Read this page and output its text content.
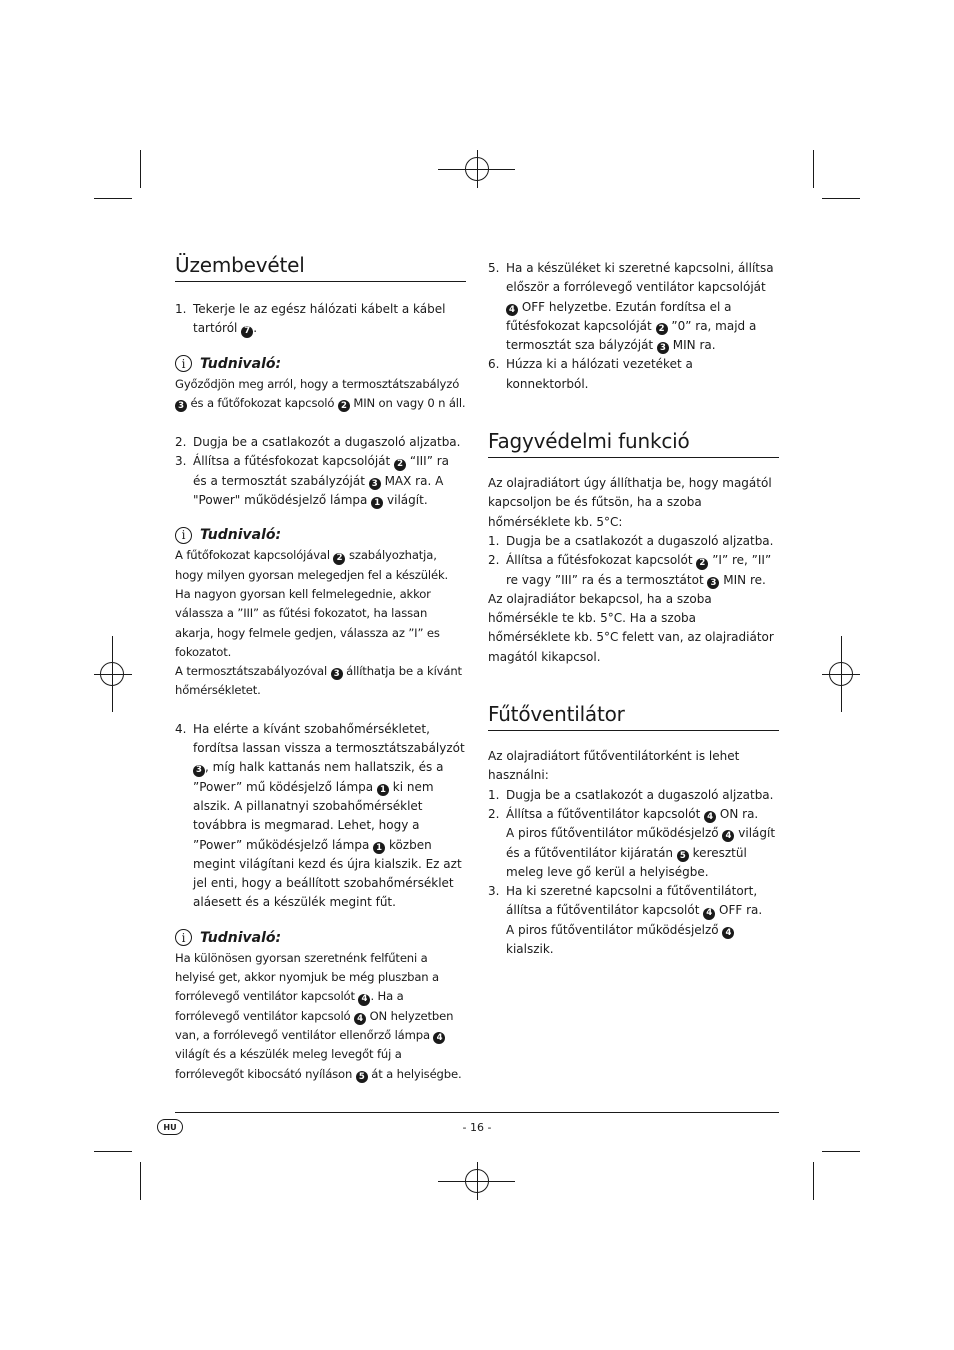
Üzembevétel
1. Tekerje le az egész hálózati kábelt a kábel tartóról 7 .
i	Tudnivaló:

Győződjön meg arról, hogy a termosztátszabályzó 3 és a fűtőfokozat kapcsoló 2 MIN on vagy 0 n áll.

2. Dugja be a csatlakozót a dugaszoló aljzatba.
3. Állítsa a fűtésfokozat kapcsolóját 2 “III” ra és a termosztát szabályzóját 3 MAX ra. A "Power" működésjelző lámpa 1 világít.
i	Tudnivaló:

A fűtőfokozat kapcsolójával 2 szabályozhatja, hogy milyen gyorsan melegedjen fel a készülék. Ha nagyon gyorsan kell felmelegednie, akkor válassza a ”III” as fűtési fokozatot, ha lassan akarja, hogy felmele gedjen, válassza az ”I” es fokozatot.
A termosztátszabályozóval 3 állíthatja be a kívánt hőmérsékletet.

4. Ha elérte a kívánt szobahőmérsékletet, fordítsa lassan vissza a termosztátszabályzót 3 , míg halk kattanás nem hallatszik, és a ”Power” mű ködésjelző lámpa 1 ki nem alszik. A pillanatnyi szobahőmérséklet továbbra is megmarad. Lehet, hogy a ”Power” működésjelző lámpa 1 közben megint világítani kezd és újra kialszik. Ez azt jel enti, hogy a beállított szobahőmérséklet aláesett és a készülék megint fűt.
i	Tudnivaló:

Ha különösen gyorsan szeretnénk felfűteni a helyisé get, akkor nyomjuk be még pluszban a forrólevegő ventilátor kapcsolót 4 . Ha a forrólevegő ventilátor kapcsoló 4 ON helyzetben van, a forrólevegő ventilátor ellenőrző lámpa 4 világít és a készülék meleg levegőt fúj a forrólevegőt kibocsátó nyíláson 5 át a helyiségbe.

5. Ha a készüléket ki szeretné kapcsolni, állítsa először a forrólevegő ventilátor kapcsolóját 4 OFF helyzetbe. Ezután fordítsa el a fűtésfokozat kapcsolóját 2 ”0” ra, majd a termosztát sza bályzóját 3 MIN ra.
6. Húzza ki a hálózati vezetéket a konnektorból.
Fagyvédelmi funkció

Az olajradiátort úgy állíthatja be, hogy magától kapcsoljon be és fűtsön, ha a szoba hőmérséklete kb. 5°C:

1. Dugja be a csatlakozót a dugaszoló aljzatba.
2. Állítsa a fűtésfokozat kapcsolót 2 ”I” re, ”II” re vagy ”III” ra és a termosztátot 3 MIN re.

Az olajradiátor bekapcsol, ha a szoba hőmérsékle te kb. 5°C. Ha a szoba hőmérséklete kb. 5°C felett van, az olajradiátor magától kikapcsol.

Fűtőventilátor

Az olajradiátort fűtőventilátorként is lehet használni:

1. Dugja be a csatlakozót a dugaszoló aljzatba.
2. Állítsa a fűtőventilátor kapcsolót 4 ON ra.
A piros fűtőventilátor működésjelző 4 világít és a fűtőventilátor kijáratán 5 keresztül meleg leve gő kerül a helyiségbe.
3. Ha ki szeretné kapcsolni a fűtőventilátort, állítsa a fűtőventilátor kapcsolót 4 OFF ra.
A piros fűtőventilátor működésjelző 4 kialszik.
HU	- 16 -
